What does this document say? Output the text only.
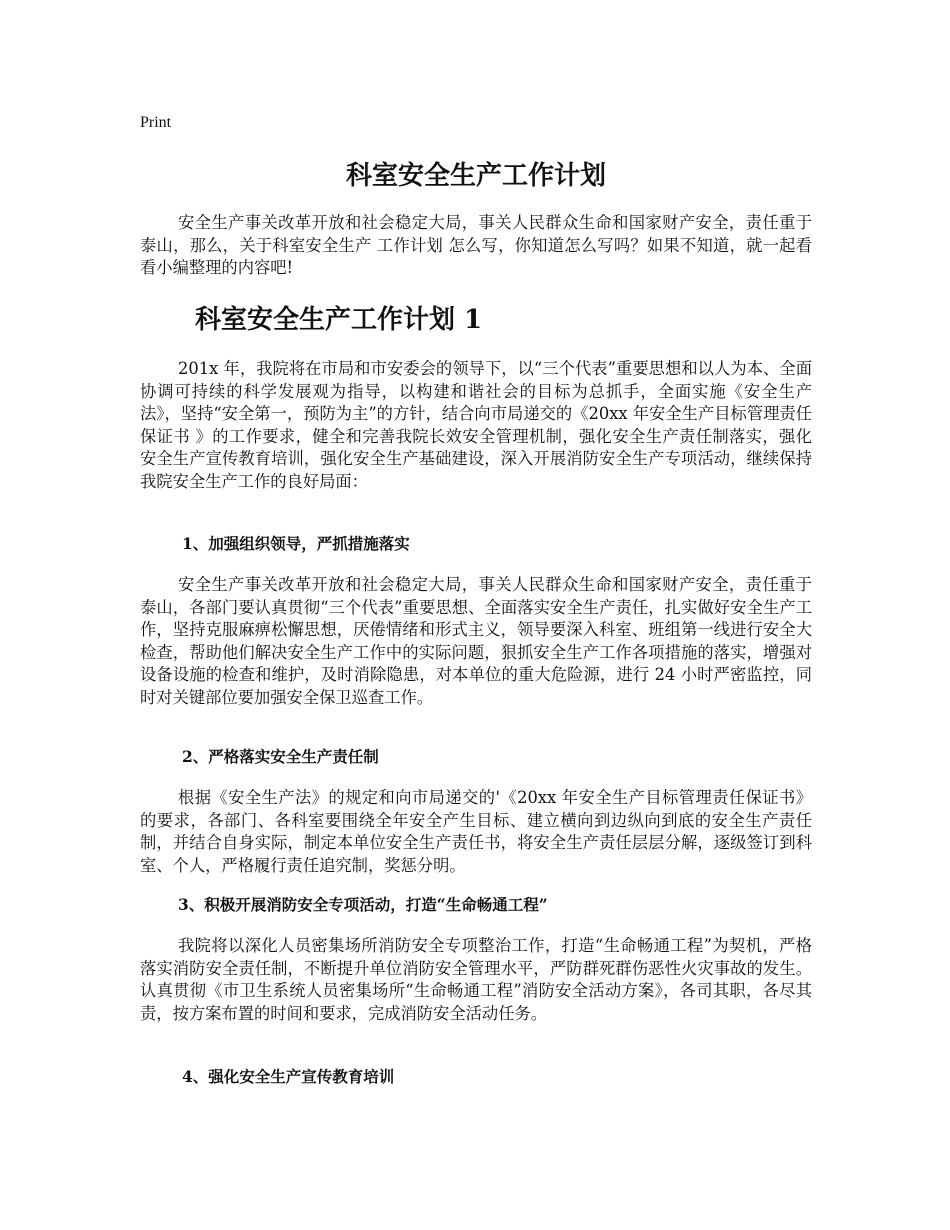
Print
科室安全生产工作计划

安全生产事关改革开放和社会稳定大局，事关人民群众生命和国家财产安全，责任重于泰山，那么，关于科室安全生产 工作计划 怎么写，你知道怎么写吗？如果不知道，就一起看看小编整理的内容吧!

科室安全生产工作计划 1

201x 年，我院将在市局和市安委会的领导下，以“三个代表”重要思想和以人为本、全面协调可持续的科学发展观为指导，以构建和谐社会的目标为总抓手，全面实施《安全生产法》，坚持“安全第一，预防为主”的方针，结合向市局递交的《20xx 年安全生产目标管理责任 保证书 》的工作要求，健全和完善我院长效安全管理机制，强化安全生产责任制落实，强化安全生产宣传教育培训，强化安全生产基础建设，深入开展消防安全生产专项活动，继续保持我院安全生产工作的良好局面：

1、加强组织领导，严抓措施落实

安全生产事关改革开放和社会稳定大局，事关人民群众生命和国家财产安全，责任重于泰山，各部门要认真贯彻“三个代表”重要思想、全面落实安全生产责任，扎实做好安全生产工作，坚持克服麻痹松懈思想，厌倦情绪和形式主义，领导要深入科室、班组第一线进行安全大检查，帮助他们解决安全生产工作中的实际问题，狠抓安全生产工作各项措施的落实，增强对设备设施的检查和维护，及时消除隐患，对本单位的重大危险源，进行 24 小时严密监控，同时对关键部位要加强安全保卫巡查工作。

2、严格落实安全生产责任制

根据《安全生产法》的规定和向市局递交的'《20xx 年安全生产目标管理责任保证书》的要求，各部门、各科室要围绕全年安全产生目标、建立横向到边纵向到底的安全生产责任制，并结合自身实际，制定本单位安全生产责任书，将安全生产责任层层分解，逐级签订到科室、个人，严格履行责任追究制，奖惩分明。

3、积极开展消防安全专项活动，打造“生命畅通工程”

我院将以深化人员密集场所消防安全专项整治工作，打造“生命畅通工程”为契机，严格落实消防安全责任制，不断提升单位消防安全管理水平，严防群死群伤恶性火灾事故的发生。认真贯彻《市卫生系统人员密集场所“生命畅通工程”消防安全活动方案》，各司其职，各尽其责，按方案布置的时间和要求，完成消防安全活动任务。

4、强化安全生产宣传教育培训
